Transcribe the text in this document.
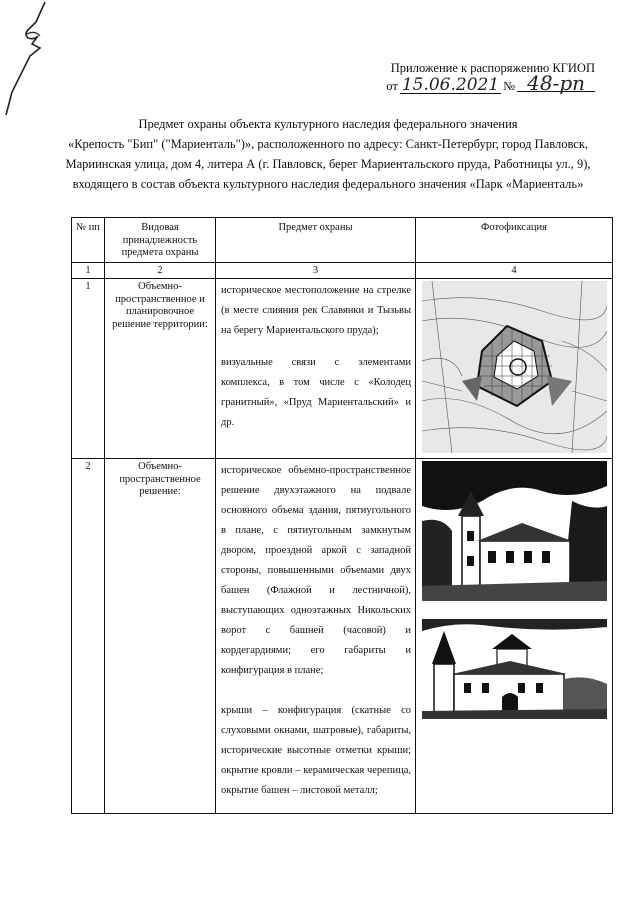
Приложение к распоряжению КГИОП
от 15.06.2021 № 48-рп

Предмет охраны объекта культурного наследия федерального значения

«Крепость "Бип" ("Мариенталь")», расположенного по адресу: Санкт-Петербург, город Павловск,

Мариинская улица, дом 4, литера А (г. Павловск, берег Мариентальского пруда, Работницы ул., 9),

входящего в состав объекта культурного наследия федерального значения «Парк «Мариенталь»

№ пп	Видовая принадлежность предмета охраны	Предмет охраны	Фотофиксация
1	2	3	4
1	Объемно-пространственное и планировочное решение территории:	историческое местоположение на стрелке (в месте слияния рек Славянки и Тызьвы на берегу Мариентальского пруда);

визуальные связи с элементами комплекса, в том числе с «Колодец гранитный», «Пруд Мариентальский» и др.

2	Объемно-пространственное решение:	историческое объемно-пространственное решение двухэтажного на подвале основного объема здания, пятиугольного в плане, с пятиугольным замкнутым двором, проездной аркой с западной стороны, повышенными объемами двух башен (Флажной и лестничной), выступающих одноэтажных Никольских ворот с башней (часовой) и кордегардиями; его габариты и конфигурация в плане;

крыши – конфигурация (скатные со слуховыми окнами, шатровые), габариты, исторические высотные отметки крыши; окрытие кровли – керамическая черепица, окрытие башен – листовой металл;
